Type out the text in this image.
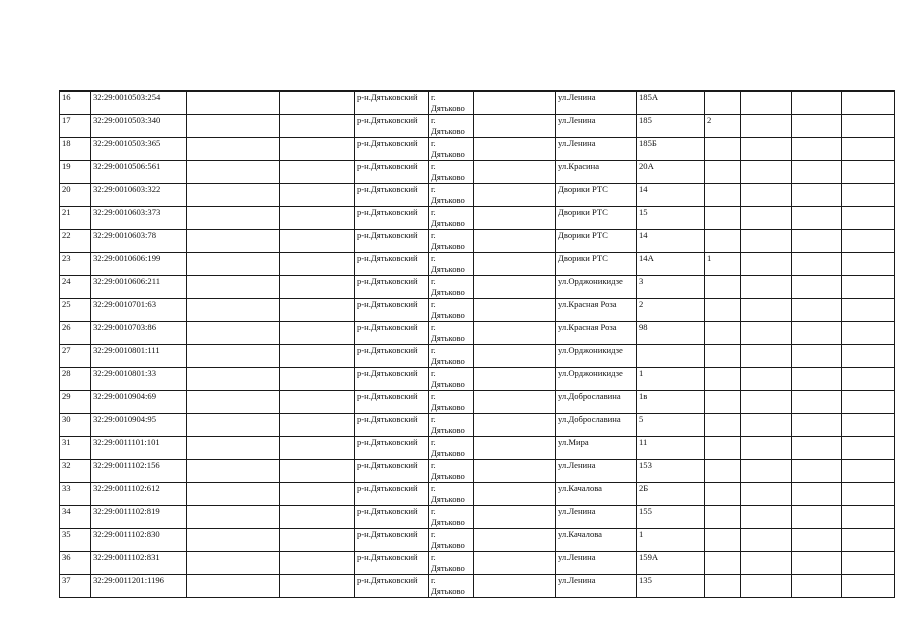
16	32:29:0010503:254			р-н.Дятьковский	г.
Дятьково		ул.Ленина	185А				
17	32:29:0010503:340			р-н.Дятьковский	г.
Дятьково		ул.Ленина	185	2			
18	32:29:0010503:365			р-н.Дятьковский	г.
Дятьково		ул.Ленина	185Б				
19	32:29:0010506:561			р-н.Дятьковский	г.
Дятьково		ул.Красина	20А				
20	32:29:0010603:322			р-н.Дятьковский	г.
Дятьково		Дворики РТС	14				
21	32:29:0010603:373			р-н.Дятьковский	г.
Дятьково		Дворики РТС	15				
22	32:29:0010603:78			р-н.Дятьковский	г.
Дятьково		Дворики РТС	14				
23	32:29:0010606:199			р-н.Дятьковский	г.
Дятьково		Дворики РТС	14А	1			
24	32:29:0010606:211			р-н.Дятьковский	г.
Дятьково		ул.Орджоникидзе	3				
25	32:29:0010701:63			р-н.Дятьковский	г.
Дятьково		ул.Красная Роза	2				
26	32:29:0010703:86			р-н.Дятьковский	г.
Дятьково		ул.Красная Роза	98				
27	32:29:0010801:111			р-н.Дятьковский	г.
Дятьково		ул.Орджоникидзе					
28	32:29:0010801:33			р-н.Дятьковский	г.
Дятьково		ул.Орджоникидзе	1				
29	32:29:0010904:69			р-н.Дятьковский	г.
Дятьково		ул.Доброславина	1в				
30	32:29:0010904:95			р-н.Дятьковский	г.
Дятьково		ул.Доброславина	5				
31	32:29:0011101:101			р-н.Дятьковский	г.
Дятьково		ул.Мира	11				
32	32:29:0011102:156			р-н.Дятьковский	г.
Дятьково		ул.Ленина	153				
33	32:29:0011102:612			р-н.Дятьковский	г.
Дятьково		ул.Качалова	2Б				
34	32:29:0011102:819			р-н.Дятьковский	г.
Дятьково		ул.Ленина	155				
35	32:29:0011102:830			р-н.Дятьковский	г.
Дятьково		ул.Качалова	1				
36	32:29:0011102:831			р-н.Дятьковский	г.
Дятьково		ул.Ленина	159А				
37	32:29:0011201:1196			р-н.Дятьковский	г.
Дятьково		ул.Ленина	135				
